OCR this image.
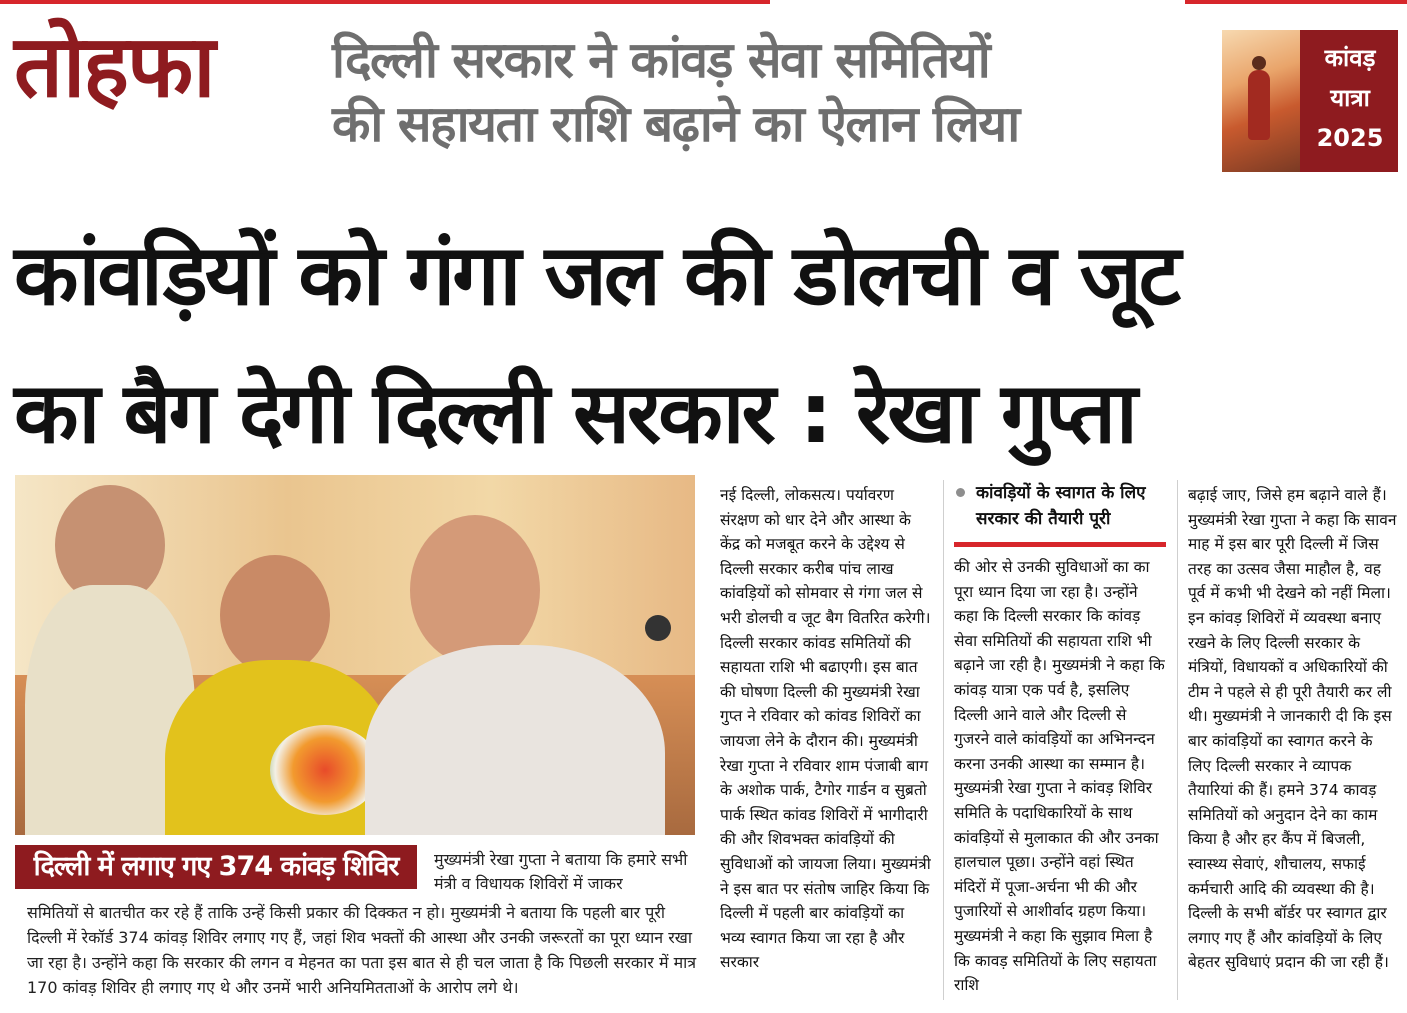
तोहफा दिल्ली सरकार ने कांवड़ सेवा समितियों
की सहायता राशि बढ़ाने का ऐलान लिया
कांवड़
यात्रा
2025
कांवड़ियों को गंगा जल की डोलची व जूट
का बैग देगी दिल्ली सरकार : रेखा गुप्ता
दिल्ली में लगाए गए 374 कांवड़ शिविर	मुख्यमंत्री रेखा गुप्ता ने बताया कि हमारे सभी मंत्री व विधायक शिविरों में जाकर
समितियों से बातचीत कर रहे हैं ताकि उन्हें किसी प्रकार की दिक्कत न हो। मुख्यमंत्री ने बताया कि पहली बार पूरी दिल्ली में रेकॉर्ड 374 कांवड़ शिविर लगाए गए हैं, जहां शिव भक्तों की आस्था और उनकी जरूरतों का पूरा ध्यान रखा जा रहा है। उन्होंने कहा कि सरकार की लगन व मेहनत का पता इस बात से ही चल जाता है कि पिछली सरकार में मात्र 170 कांवड़ शिविर ही लगाए गए थे और उनमें भारी अनियमितताओं के आरोप लगे थे।
नई दिल्ली, लोकसत्य। पर्यावरण संरक्षण को धार देने और आस्था के केंद्र को मजबूत करने के उद्देश्य से दिल्ली सरकार करीब पांच लाख कांवड़ियों को सोमवार से गंगा जल से भरी डोलची व जूट बैग वितरित करेगी। दिल्ली सरकार कांवड समितियों की सहायता राशि भी बढाएगी। इस बात की घोषणा दिल्ली की मुख्यमंत्री रेखा गुप्त ने रविवार को कांवड शिविरों का जायजा लेने के दौरान की। मुख्यमंत्री रेखा गुप्ता ने रविवार शाम पंजाबी बाग के अशोक पार्क, टैगोर गार्डन व सुब्रतो पार्क स्थित कांवड शिविरों में भागीदारी की और शिवभक्त कांवड़ियों की सुविधाओं को जायजा लिया। मुख्यमंत्री ने इस बात पर संतोष जाहिर किया कि दिल्ली में पहली बार कांवड़ियों का भव्य स्वागत किया जा रहा है और सरकार
कांवड़ियों के स्वागत के लिए सरकार की तैयारी पूरी
की ओर से उनकी सुविधाओं का का पूरा ध्यान दिया जा रहा है। उन्होंने कहा कि दिल्ली सरकार कि कांवड़ सेवा समितियों की सहायता राशि भी बढ़ाने जा रही है। मुख्यमंत्री ने कहा कि कांवड़ यात्रा एक पर्व है, इसलिए दिल्ली आने वाले और दिल्ली से गुजरने वाले कांवड़ियों का अभिनन्दन करना उनकी आस्था का सम्मान है। मुख्यमंत्री रेखा गुप्ता ने कांवड़ शिविर समिति के पदाधिकारियों के साथ कांवड़ियों से मुलाकात की और उनका हालचाल पूछा। उन्होंने वहां स्थित मंदिरों में पूजा-अर्चना भी की और पुजारियों से आशीर्वाद ग्रहण किया। मुख्यमंत्री ने कहा कि सुझाव मिला है कि कावड़ समितियों के लिए सहायता राशि
बढ़ाई जाए, जिसे हम बढ़ाने वाले हैं। मुख्यमंत्री रेखा गुप्ता ने कहा कि सावन माह में इस बार पूरी दिल्ली में जिस तरह का उत्सव जैसा माहौल है, वह पूर्व में कभी भी देखने को नहीं मिला। इन कांवड़ शिविरों में व्यवस्था बनाए रखने के लिए दिल्ली सरकार के मंत्रियों, विधायकों व अधिकारियों की टीम ने पहले से ही पूरी तैयारी कर ली थी। मुख्यमंत्री ने जानकारी दी कि इस बार कांवड़ियों का स्वागत करने के लिए दिल्ली सरकार ने व्यापक तैयारियां की हैं। हमने 374 कावड़ समितियों को अनुदान देने का काम किया है और हर कैंप में बिजली, स्वास्थ्य सेवाएं, शौचालय, सफाई कर्मचारी आदि की व्यवस्था की है। दिल्ली के सभी बॉर्डर पर स्वागत द्वार लगाए गए हैं और कांवड़ियों के लिए बेहतर सुविधाएं प्रदान की जा रही हैं।
